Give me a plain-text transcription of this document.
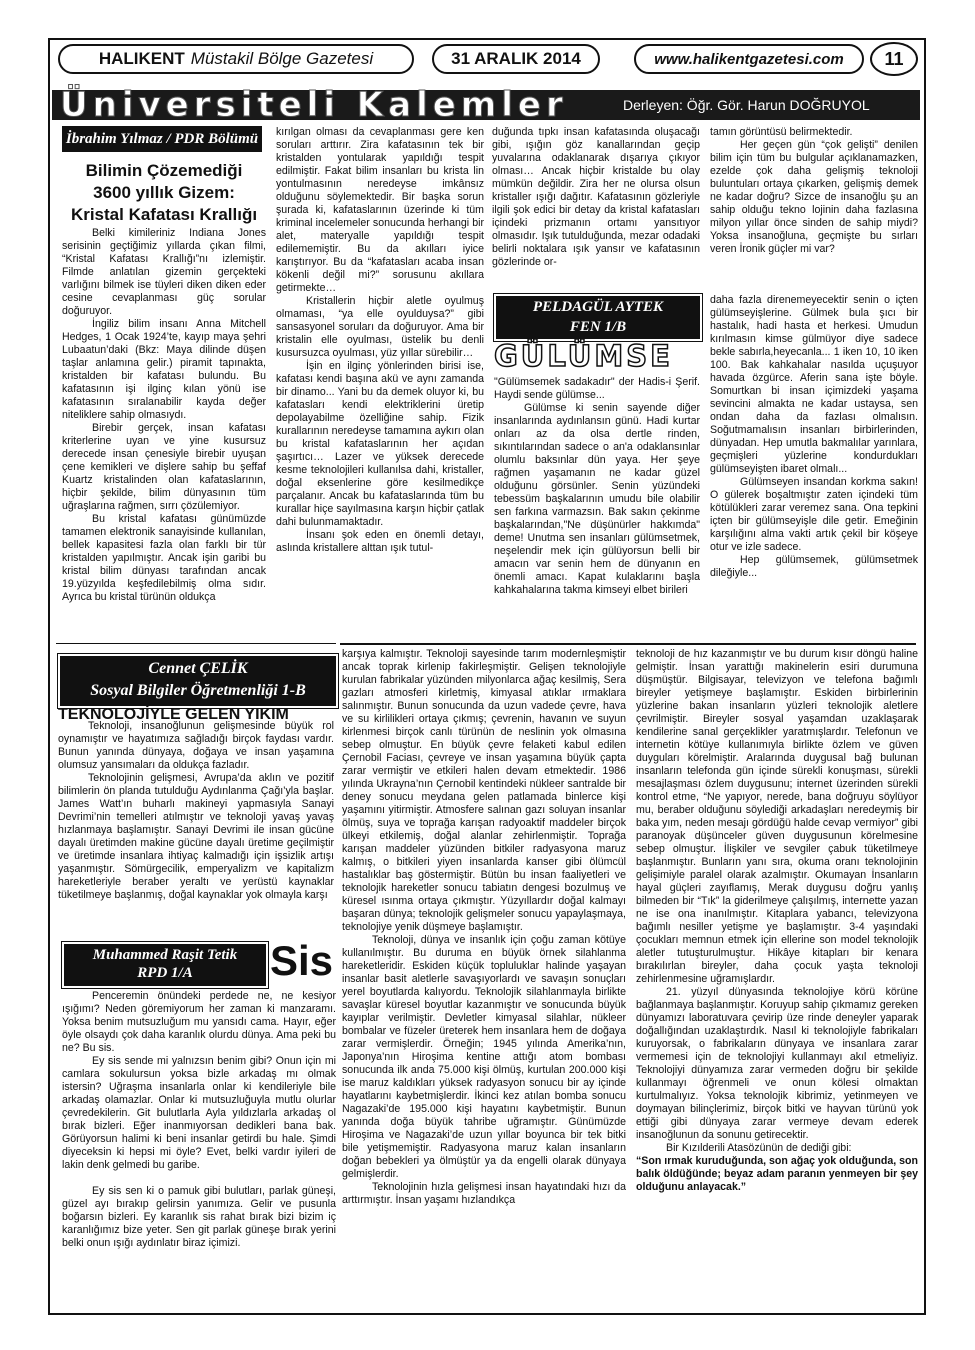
HALIKENT Müstakil Bölge Gazetesi	31 ARALIK 2014	www.halikentgazetesi.com 11
Üniversiteli Kalemler	Derleyen: Öğr. Gör. Harun DOĞRUYOL
İbrahim Yılmaz / PDR Bölümü
Bilimin Çözemediği
3600 yıllık Gizem:
Kristal Kafatası Krallığı

Belki kimileriniz Indiana Jones serisinin geçtiğimiz yıllarda çıkan filmi, “Kristal Kafatası Krallığı”nı izlemiştir. Filmde anlatılan gizemin gerçekteki varlığını bilmek ise tüyleri diken diken eder cesine cevaplanması güç sorular doğuruyor.

İngiliz bilim insanı Anna Mitchell Hedges, 1 Ocak 1924’te, kayıp maya şehri Lubaatun’daki (Bkz: Maya dilinde düşen taşlar anlamına gelir.) piramit tapınakta, kristalden bir kafatası bulundu. Bu kafatasının işi ilginç kılan yönü ise kafatasının sıralanabilir kayda değer niteliklere sahip olmasıydı.

Birebir gerçek, insan kafatası kriterlerine uyan ve yine kusursuz derecede insan çenesiyle birebir uyuşan çene kemikleri ve dişlere sahip bu şeffaf Kuartz kristalinden olan kafataslarının, hiçbir şekilde, bilim dünyasının tüm uğraşlarına rağmen, sırrı çözülemiyor.

Bu kristal kafatası günümüzde tamamen elektronik sanayisinde kullanılan, bellek kapasitesi fazla olan farklı bir tür kristalden yapılmıştır. Ancak işin garibi bu kristal bilim dünyası tarafından ancak 19.yüzyılda keşfedilebilmiş olma sıdır. Ayrıca bu kristal türünün oldukça

kırılgan olması da cevaplanması gere ken soruları arttırır. Zira kafatasının tek bir kristalden yontularak yapıldığı tespit edilmiştir. Fakat bilim insanları bu krista lin yontulmasının neredeyse imkânsız olduğunu söylemektedir. Bir başka sorun şurada ki, kafataslarının üzerinde ki tüm kriminal incelemeler sonucunda herhangi bir alet, materyalle yapıldığı tespit edilememiştir. Bu da akılları iyice karıştırıyor. Bu da “kafatasları acaba insan kökenli değil mi?” sorusunu akıllara getirmekte…

Kristallerin hiçbir aletle oyulmuş olmaması, “ya elle oyulduysa?” gibi sansasyonel soruları da doğuruyor. Ama bir kristalin elle oyulması, üstelik bu denli kusursuzca oyulması, yüz yıllar sürebilir…

İşin en ilginç yönlerinden birisi ise, kafatası kendi başına akü ve aynı zamanda bir dinamo... Yani bu da demek oluyor ki, bu kafatasları kendi elektriklerini üretip depolayabilme özelliğine sahip. Fizik kurallarının neredeyse tamamına aykırı olan bu kristal kafataslarının her açıdan şaşırtıcı… Lazer ve yüksek derecede kesme teknolojileri kullanılsa dahi, kristaller, doğal eksenlerine göre kesilmedikçe parçalanır. Ancak bu kafataslarında tüm bu kurallar hiçe sayılmasına karşın hiçbir çatlak dahi bulunmamaktadır.

İnsanı şok eden en önemli detayı, aslında kristallere alttan ışık tutul-

duğunda tıpkı insan kafatasında oluşacağı gibi, ışığın göz kanallarından geçip yuvalarına odaklanarak dışarıya çıkıyor olması… Ancak hiçbir kristalde bu olay mümkün değildir. Zira her ne olursa olsun kristaller ışığı dağıtır. Kafatasının gözleriyle ilgili şok edici bir detay da kristal kafatasları içindeki prizmanın ortamı yansıtıyor olmasıdır. Işık tutulduğunda, mezar odadaki belirli noktalara ışık yansır ve kafatasının gözlerinde or-

tamın görüntüsü belirmektedir.

Her geçen gün “çok gelişti” denilen bilim için tüm bu bulgular açıklanamazken, ezelde çok daha gelişmiş teknoloji buluntuları ortaya çıkarken, gelişmiş demek ne kadar doğru? Sizce de insanoğlu şu an sahip olduğu tekno lojinin daha fazlasına milyon yıllar önce sinden de sahip miydi? Yoksa insanoğluna, geçmişte bu sırları veren İronik güçler mi var?

PELDAGÜL AYTEK
FEN 1/B
GÜLÜMSE

"Gülümsemek sadakadır" der Hadis-i Şerif. Haydi sende gülümse...

Gülümse ki senin sayende diğer insanlarında aydınlansın günü. Hadi kurtar onları az da olsa dertle rinden, sıkıntılarından sadece o an'a odaklansınlar olumlu baksınlar dün yaya. Her şeye rağmen yaşamanın ne kadar güzel olduğunu görsünler. Senin yüzündeki tebessüm başkalarının umudu bile olabilir sen farkına varmazsın. Bak sakın çekinme başkalarından,"Ne düşünürler hakkımda" deme! Unutma sen insanları gülümsetmek, neşelendir mek için gülüyorsun belli bir amacın var senin hem de dünyanın en önemli amacı. Kapat kulaklarını başla kahkahalarına takma kimseyi elbet birileri

daha fazla direnemeyecektir senin o içten gülümseyişlerine. Gülmek bula şıcı bir hastalık, hadi hasta et herkesi. Umudun kırılmasın kimse gülmüyor diye sadece bekle sabırla,heyecanla... 1 iken 10, 10 iken 100. Bak kahkahalar nasılda uçuşuyor havada özgürce. Aferin sana işte böyle. Somurtkan bi insan içimizdeki yaşama sevincini almakta ne kadar ustaysa, sen ondan daha da fazlası olmalısın. Soğutmamalısın insanları birbirlerinden, dünyadan. Hep umutla bakmalılar yarınlara, geçmişleri yüzlerine kondurdukları gülümseyişten ibaret olmalı...

Gülümseyen insandan korkma sakın! O gülerek boşaltmıştır zaten içindeki tüm kötülükleri zarar veremez sana. Ona tepkini içten bir gülümseyişle dile getir. Emeğinin karşılığını alma vakti artık çekil bir köşeye otur ve izle sadece.

Hep gülümsemek, gülümsetmek dileğiyle...

Cennet ÇELİK
Sosyal Bilgiler Öğretmenliği 1-B
TEKNOLOJİYLE GELEN YIKIM

Teknoloji, insanoğlunun gelişmesinde büyük rol oynamıştır ve hayatımıza sağladığı birçok faydası vardır. Bunun yanında dünyaya, doğaya ve insan yaşamına olumsuz yansımaları da oldukça fazladır.

Teknolojinin gelişmesi, Avrupa’da aklın ve pozitif bilimlerin ön planda tutulduğu Aydınlanma Çağı’yla başlar. James Watt’ın buharlı makineyi yapmasıyla Sanayi Devrimi’nin temelleri atılmıştır ve teknoloji yavaş yavaş hızlanmaya başlamıştır. Sanayi Devrimi ile insan gücüne dayalı üretimden makine gücüne dayalı üretime geçilmiştir ve üretimde insanlara ihtiyaç kalmadığı için işsizlik artışı yaşanmıştır. Sömürgecilik, emperyalizm ve kapitalizm hareketleriyle beraber yeraltı ve yerüstü kaynaklar tüketilmeye başlanmış, doğal kaynaklar yok olmayla karşı

karşıya kalmıştır. Teknoloji sayesinde tarım modernleşmiştir ancak toprak kirlenip fakirleşmiştir. Gelişen teknolojiyle kurulan fabrikalar yüzünden milyonlarca ağaç kesilmiş, Sera gazları atmosferi kirletmiş, kimyasal atıklar ırmaklara salınmıştır. Bunun sonucunda da uzun vadede çevre, hava ve su kirlilikleri ortaya çıkmış; çevrenin, havanın ve suyun kirlenmesi birçok canlı türünün de neslinin yok olmasına sebep olmuştur. En büyük çevre felaketi kabul edilen Çernobil Faciası, çevreye ve insan yaşamına büyük çapta zarar vermiştir ve etkileri halen devam etmektedir. 1986 yılında Ukrayna’nın Çernobil kentindeki nükleer santralde bir deney sonucu meydana gelen patlamada binlerce kişi yaşamını yitirmiştir. Atmosfere salınan gazı soluyan insanlar ölmüş, suya ve toprağa karışan radyoaktif maddeler birçok ülkeyi etkilemiş, doğal alanlar zehirlenmiştir. Toprağa karışan maddeler yüzünden bitkiler radyasyona maruz kalmış, o bitkileri yiyen insanlarda kanser gibi ölümcül hastalıklar baş göstermiştir. Bütün bu insan faaliyetleri ve teknolojik hareketler sonucu tabiatın dengesi bozulmuş ve küresel ısınma ortaya çıkmıştır. Yüzyıllardır doğal kalmayı başaran dünya; teknolojik gelişmeler sonucu yapaylaşmaya, teknolojiye yenik düşmeye başlamıştır.

Teknoloji, dünya ve insanlık için çoğu zaman kötüye kullanılmıştır. Bu duruma en büyük örnek silahlanma hareketleridir. Eskiden küçük topluluklar halinde yaşayan insanlar basit aletlerle savaşıyorlardı ve savaşın sonuçları yerel boyutlarda kalıyordu. Teknolojik silahlanmayla birlikte savaşlar küresel boyutlar kazanmıştır ve sonucunda büyük kayıplar verilmiştir. Devletler kimyasal silahlar, nükleer bombalar ve füzeler üreterek hem insanlara hem de doğaya zarar vermişlerdir. Örneğin; 1945 yılında Amerika’nın, Japonya’nın Hiroşima kentine attığı atom bombası sonucunda ilk anda 75.000 kişi ölmüş, kurtulan 200.000 kişi ise maruz kaldıkları yüksek radyasyon sonucu bir ay içinde hayatlarını kaybetmişlerdir. İkinci kez atılan bomba sonucu Nagazaki’de 195.000 kişi hayatını kaybetmiştir. Bunun yanında doğa büyük tahribe uğramıştır. Günümüzde Hiroşima ve Nagazaki’de uzun yıllar boyunca bir tek bitki bile yetişmemiştir. Radyasyona maruz kalan insanların doğan bebekleri ya ölmüştür ya da engelli olarak dünyaya gelmişlerdir.

Teknolojinin hızla gelişmesi insan hayatındaki hızı da arttırmıştır. İnsan yaşamı hızlandıkça

teknoloji de hız kazanmıştır ve bu durum kısır döngü haline gelmiştir. İnsan yarattığı makinelerin esiri durumuna düşmüştür. Bilgisayar, televizyon ve telefona bağımlı bireyler yetişmeye başlamıştır. Eskiden birbirlerinin yüzlerine bakan insanların yüzleri teknolojik aletlere çevrilmiştir. Bireyler sosyal yaşamdan uzaklaşarak kendilerine sanal gerçeklikler yaratmışlardır. Telefonun ve internetin kötüye kullanımıyla birlikte özlem ve güven duyguları körelmiştir. Aralarında duygusal bağ bulunan insanların telefonda gün içinde sürekli konuşması, sürekli mesajlaşması özlem duygusunu; internet üzerinden sürekli kontrol etme, “Ne yapıyor, nerede, bana doğruyu söylüyor mu, beraber olduğunu söylediği arkadaşları neredeymiş bir baka yım, neden mesajı gördüğü halde cevap vermiyor” gibi paranoyak düşünceler güven duygusunun körelmesine sebep olmuştur. İlişkiler ve sevgiler çabuk tüketilmeye başlanmıştır. Bunların yanı sıra, okuma oranı teknolojinin gelişimiyle paralel olarak azalmıştır. Okumayan İnsanların hayal güçleri zayıflamış, Merak duygusu doğru yanlış bilmeden bir “Tık” la giderilmeye çalışılmış, internette yazan ne ise ona inanılmıştır. Kitaplara yabancı, televizyona bağımlı nesiller yetişme ye başlamıştır. 3-4 yaşındaki çocukları memnun etmek için ellerine son model teknolojik aletler tutuşturulmuştur. Hikâye kitapları bir kenara bırakılırlan bireyler, daha çocuk yaşta teknoloji zehirlenmesine uğramışlardır.

21. yüzyıl dünyasında teknolojiye körü körüne bağlanmaya başlanmıştır. Koruyup sahip çıkmamız gereken dünyamızı laboratuvara çevirip üze rinde deneyler yaparak doğallığından uzaklaştırdık. Nasıl ki teknolojiyle fabrikaları kuruyorsak, o fabrikaların dünyaya ve insanlara zarar vermemesi için de teknolojiyi kullanmayı akıl etmeliyiz. Teknolojiyi dünyamıza zarar vermeden doğru bir şekilde kullanmayı öğrenmeli ve onun kölesi olmaktan kurtulmalıyız. Yoksa teknolojik kibrimiz, yetinmeyen ve doymayan bilinçlerimiz, birçok bitki ve hayvan türünü yok ettiği gibi dünyaya zarar vermeye devam ederek insanoğlunun da sonunu getirecektir.

Bir Kızılderili Atasözünün de dediği gibi:

“Son ırmak kuruduğunda, son ağaç yok olduğunda, son balık öldüğünde; beyaz adam paranın yenmeyen bir şey olduğunu anlayacak.”

Muhammed Raşit Tetik
RPD 1/A	Sis

Penceremin önündeki perdede ne, ne kesiyor ışığımı? Neden göremiyorum her zaman ki manzaramı. Yoksa benim mutsuzluğum mu yansıdı cama. Hayır, eğer öyle olsaydı çok daha karanlık olurdu dünya. Ama peki bu ne? Bu sis.

Ey sis sende mi yalnızsın benim gibi? Onun için mi camlara sokulursun yoksa bizle arkadaş mı olmak istersin? Uğraşma insanlarla onlar ki kendileriyle bile arkadaş olamazlar. Onlar ki mutsuzluğuyla mutlu olurlar çevredekilerin. Git bulutlarla Ayla yıldızlarla arkadaş ol bırak bizleri. Eğer inanmıyorsan dedikleri bana bak. Görüyorsun halimi ki beni insanlar getirdi bu hale. Şimdi diyeceksin ki hepsi mi öyle? Evet, belki vardır iyileri de lakin denk gelmedi bu garibe.

Ey sis sen ki o pamuk gibi bulutları, parlak güneşi, güzel ayı bırakıp gelirsin yanımıza. Gelir ve pusunla boğarsın bizleri. Ey karanlık sis rahat bırak bizi bizim iç karanlığımız bize yeter. Sen git parlak güneşe bırak yerini belki onun ışığı aydınlatır biraz içimizi.
